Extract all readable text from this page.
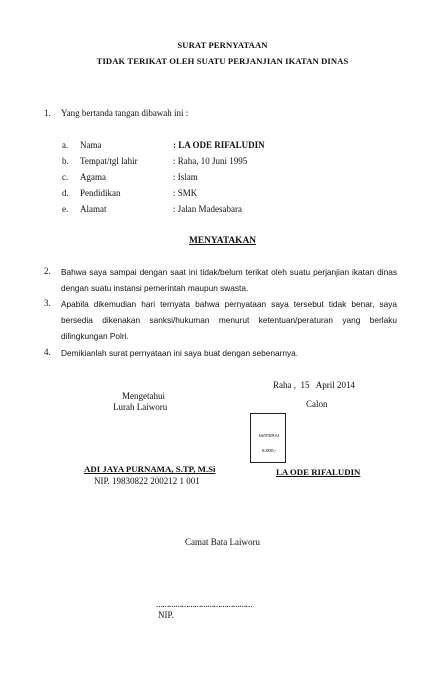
SURAT PERNYATAAN
TIDAK TERIKAT OLEH SUATU PERJANJIAN IKATAN DINAS
1. Yang bertanda tangan dibawah ini :
a. Nama	: LA ODE RIFALUDIN
b. Tempat/tgl lahir	: Raha, 10 Juni 1995
c. Agama	: Islam
d. Pendidikan	: SMK
e. Alamat	: Jalan Madesabara
MENYATAKAN
2. Bahwa saya sampai dengan saat ini tidak/belum terikat oleh suatu perjanjian ikatan dinas
dengan suatu instansi pemerintah maupun swasta.
3. Apabila dikemudian hari ternyata bahwa pernyataan saya tersebut tidak benar, saya
bersedia dikenakan sanksi/hukuman menurut ketentuan/peraturan yang berlaku
dilingkungan Polri.
4. Demikianlah surat pernyataan ini saya buat dengan sebenarnya.
Raha ,  15   April 2014
Mengetahui
Lurah Laiworu	Calon
MATERAI
6.000,-
ADI JAYA PURNAMA, S.TP, M.Si
NIP. 19830822 200212 1 001
LA ODE RIFALUDIN
Camat Bata Laiworu
………………………………………
NIP.
